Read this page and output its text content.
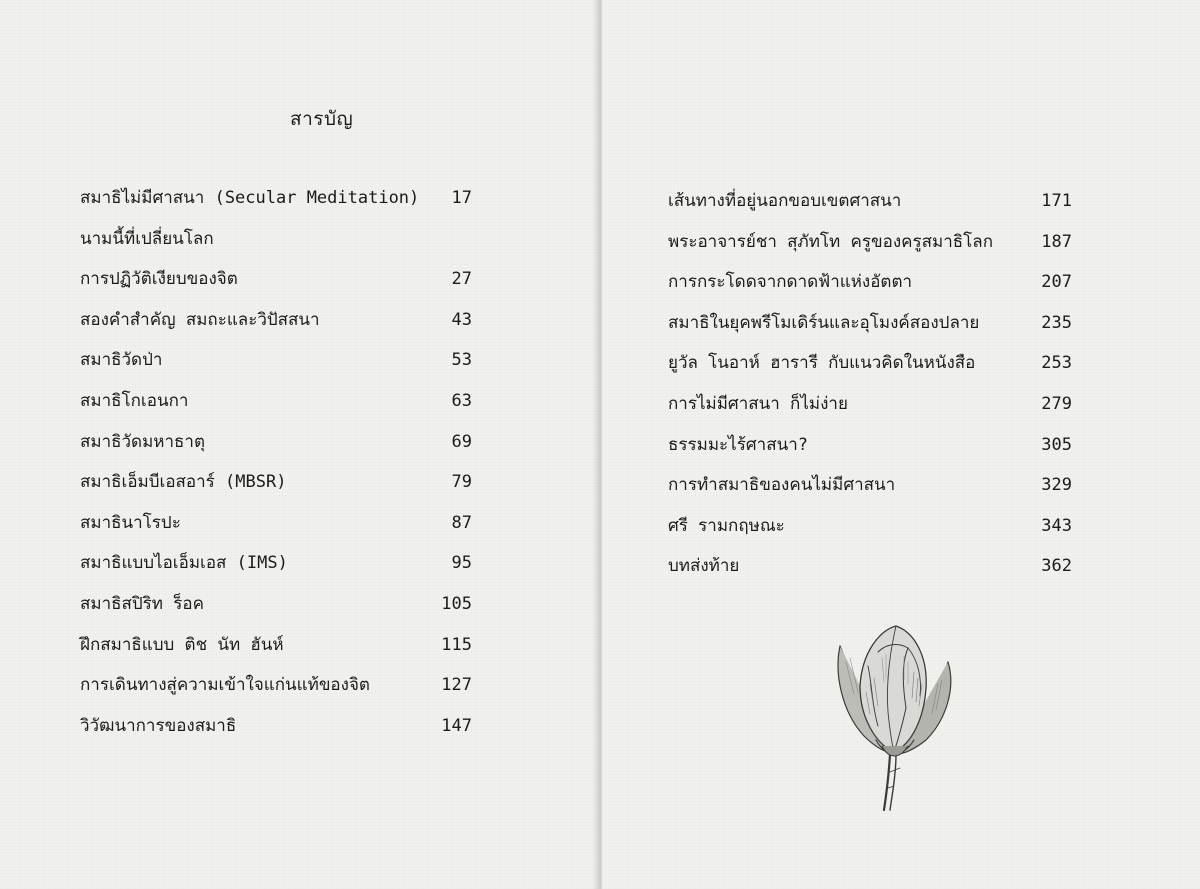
สารบัญ
สมาธิไม่มีศาสนา (Secular Meditation) 17
นามนี้ที่เปลี่ยนโลก
การปฏิวัติเงียบของจิต	27
สองคำสำคัญ สมถะและวิปัสสนา	43
สมาธิวัดป่า	53
สมาธิโกเอนกา	63
สมาธิวัดมหาธาตุ	69
สมาธิเอ็มบีเอสอาร์ (MBSR)	79
สมาธินาโรปะ	87
สมาธิแบบไอเอ็มเอส (IMS)	95
สมาธิสปิริท ร็อค	105
ฝึกสมาธิแบบ ติช นัท ฮันห์	115
การเดินทางสู่ความเข้าใจแก่นแท้ของจิต	127
วิวัฒนาการของสมาธิ	147
เส้นทางที่อยู่นอกขอบเขตศาสนา	171
พระอาจารย์ชา สุภัทโท ครูของครูสมาธิโลก	187
การกระโดดจากดาดฟ้าแห่งอัตตา	207
สมาธิในยุคพรีโมเดิร์นและอุโมงค์สองปลาย	235
ยูวัล โนอาห์ ฮารารี กับแนวคิดในหนังสือ	253
การไม่มีศาสนา ก็ไม่ง่าย	279
ธรรมมะไร้ศาสนา?	305
การทำสมาธิของคนไม่มีศาสนา	329
ศรี รามกฤษณะ	343
บทส่งท้าย	362
